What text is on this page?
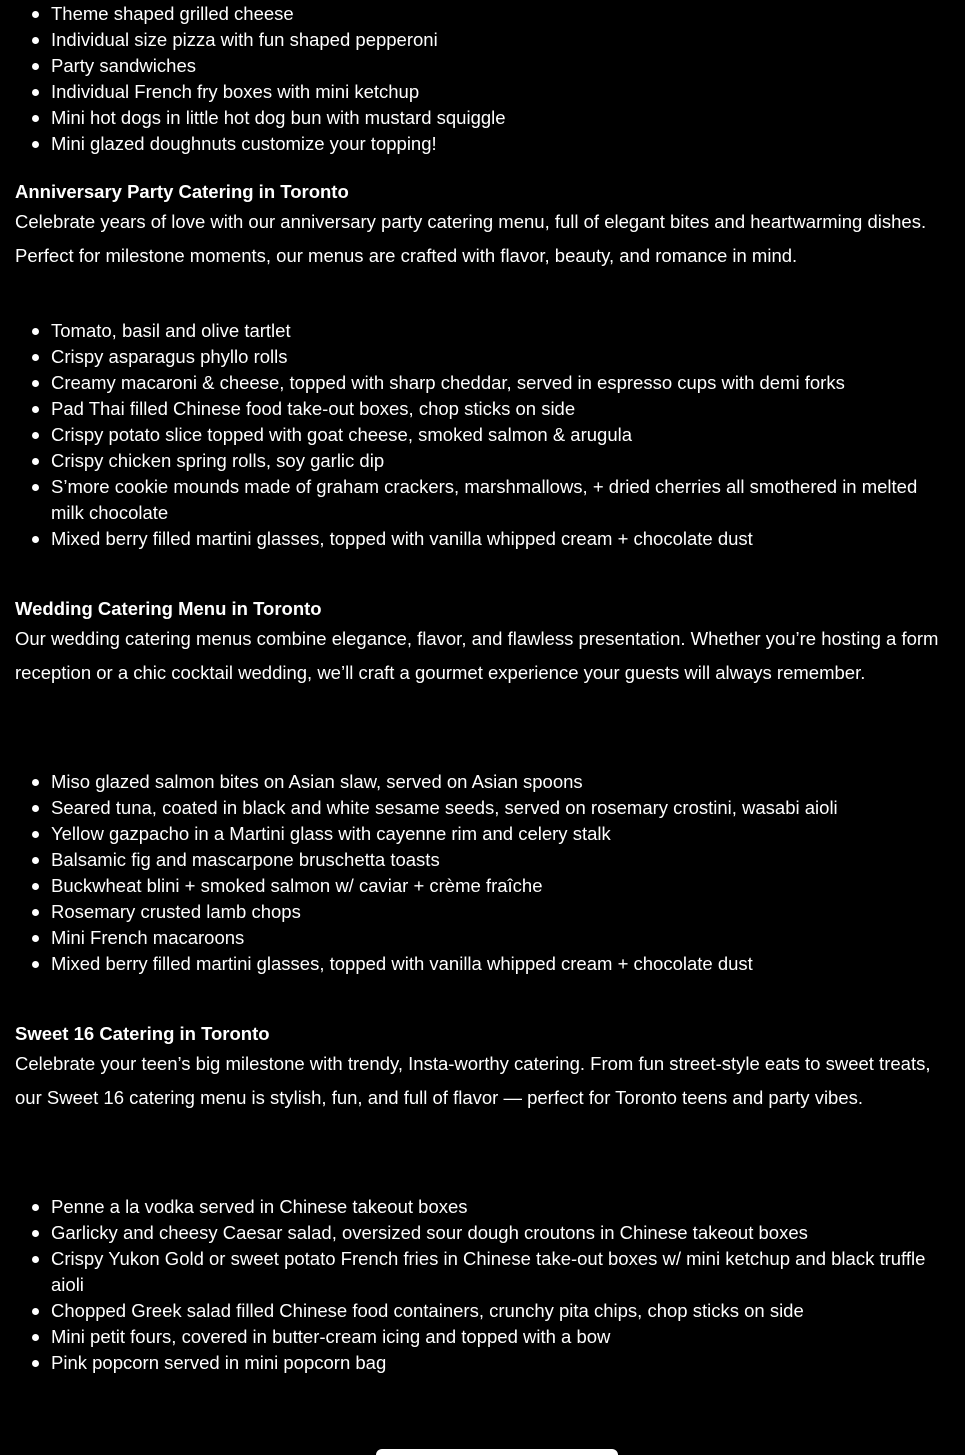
Theme shaped grilled cheese
Individual size pizza with fun shaped pepperoni
Party sandwiches
Individual French fry boxes with mini ketchup
Mini hot dogs in little hot dog bun with mustard squiggle
Mini glazed doughnuts customize your topping!
Anniversary Party Catering in Toronto
Celebrate years of love with our anniversary party catering menu, full of elegant bites and heartwarming dishes.
Perfect for milestone moments, our menus are crafted with flavor, beauty, and romance in mind.
Tomato, basil and olive tartlet
Crispy asparagus phyllo rolls
Creamy macaroni & cheese, topped with sharp cheddar, served in espresso cups with demi forks
Pad Thai filled Chinese food take-out boxes, chop sticks on side
Crispy potato slice topped with goat cheese, smoked salmon & arugula
Crispy chicken spring rolls, soy garlic dip
S’more cookie mounds made of graham crackers, marshmallows, + dried cherries all smothered in melted milk chocolate
Mixed berry filled martini glasses, topped with vanilla whipped cream + chocolate dust
Wedding Catering Menu in Toronto
Our wedding catering menus combine elegance, flavor, and flawless presentation. Whether you’re hosting a form
reception or a chic cocktail wedding, we’ll craft a gourmet experience your guests will always remember.
Miso glazed salmon bites on Asian slaw, served on Asian spoons
Seared tuna, coated in black and white sesame seeds, served on rosemary crostini, wasabi aioli
Yellow gazpacho in a Martini glass with cayenne rim and celery stalk
Balsamic fig and mascarpone bruschetta toasts
Buckwheat blini + smoked salmon w/ caviar + crème fraîche
Rosemary crusted lamb chops
Mini French macaroons
Mixed berry filled martini glasses, topped with vanilla whipped cream + chocolate dust
Sweet 16 Catering in Toronto
Celebrate your teen’s big milestone with trendy, Insta-worthy catering. From fun street-style eats to sweet treats,
our Sweet 16 catering menu is stylish, fun, and full of flavor — perfect for Toronto teens and party vibes.
Penne a la vodka served in Chinese takeout boxes
Garlicky and cheesy Caesar salad, oversized sour dough croutons in Chinese takeout boxes
Crispy Yukon Gold or sweet potato French fries in Chinese take-out boxes w/ mini ketchup and black truffle aioli
Chopped Greek salad filled Chinese food containers, crunchy pita chips, chop sticks on side
Mini petit fours, covered in butter-cream icing and topped with a bow
Pink popcorn served in mini popcorn bag
